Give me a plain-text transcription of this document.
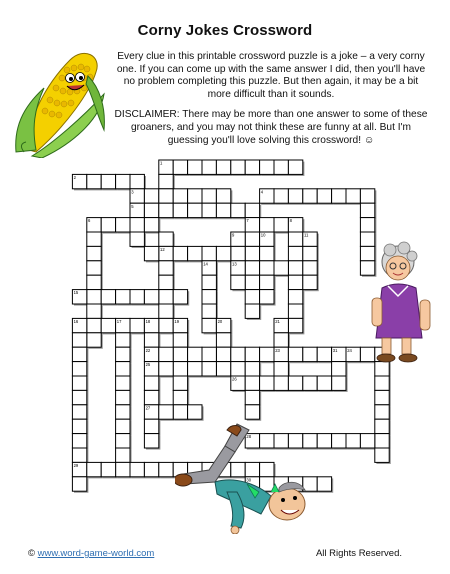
Corny Jokes Crossword

Every clue in this printable crossword puzzle is a joke – a very corny one. If you can come up with the same answer I did, then you'll have no problem completing this puzzle. But then again, it may be a bit more difficult than it sounds.

DISCLAIMER: There may be more than one answer to some of these groaners, and you may not think these are funny at all. But I'm guessing you'll love solving this crossword! ☺

1
2
3	4
5
6	7	8
9	10	11
12
13
14
15
16	17	18	19	20	21
22	23	24
25
26
27
28
29
30
31
© www.word-game-world.com	All Rights Reserved.
